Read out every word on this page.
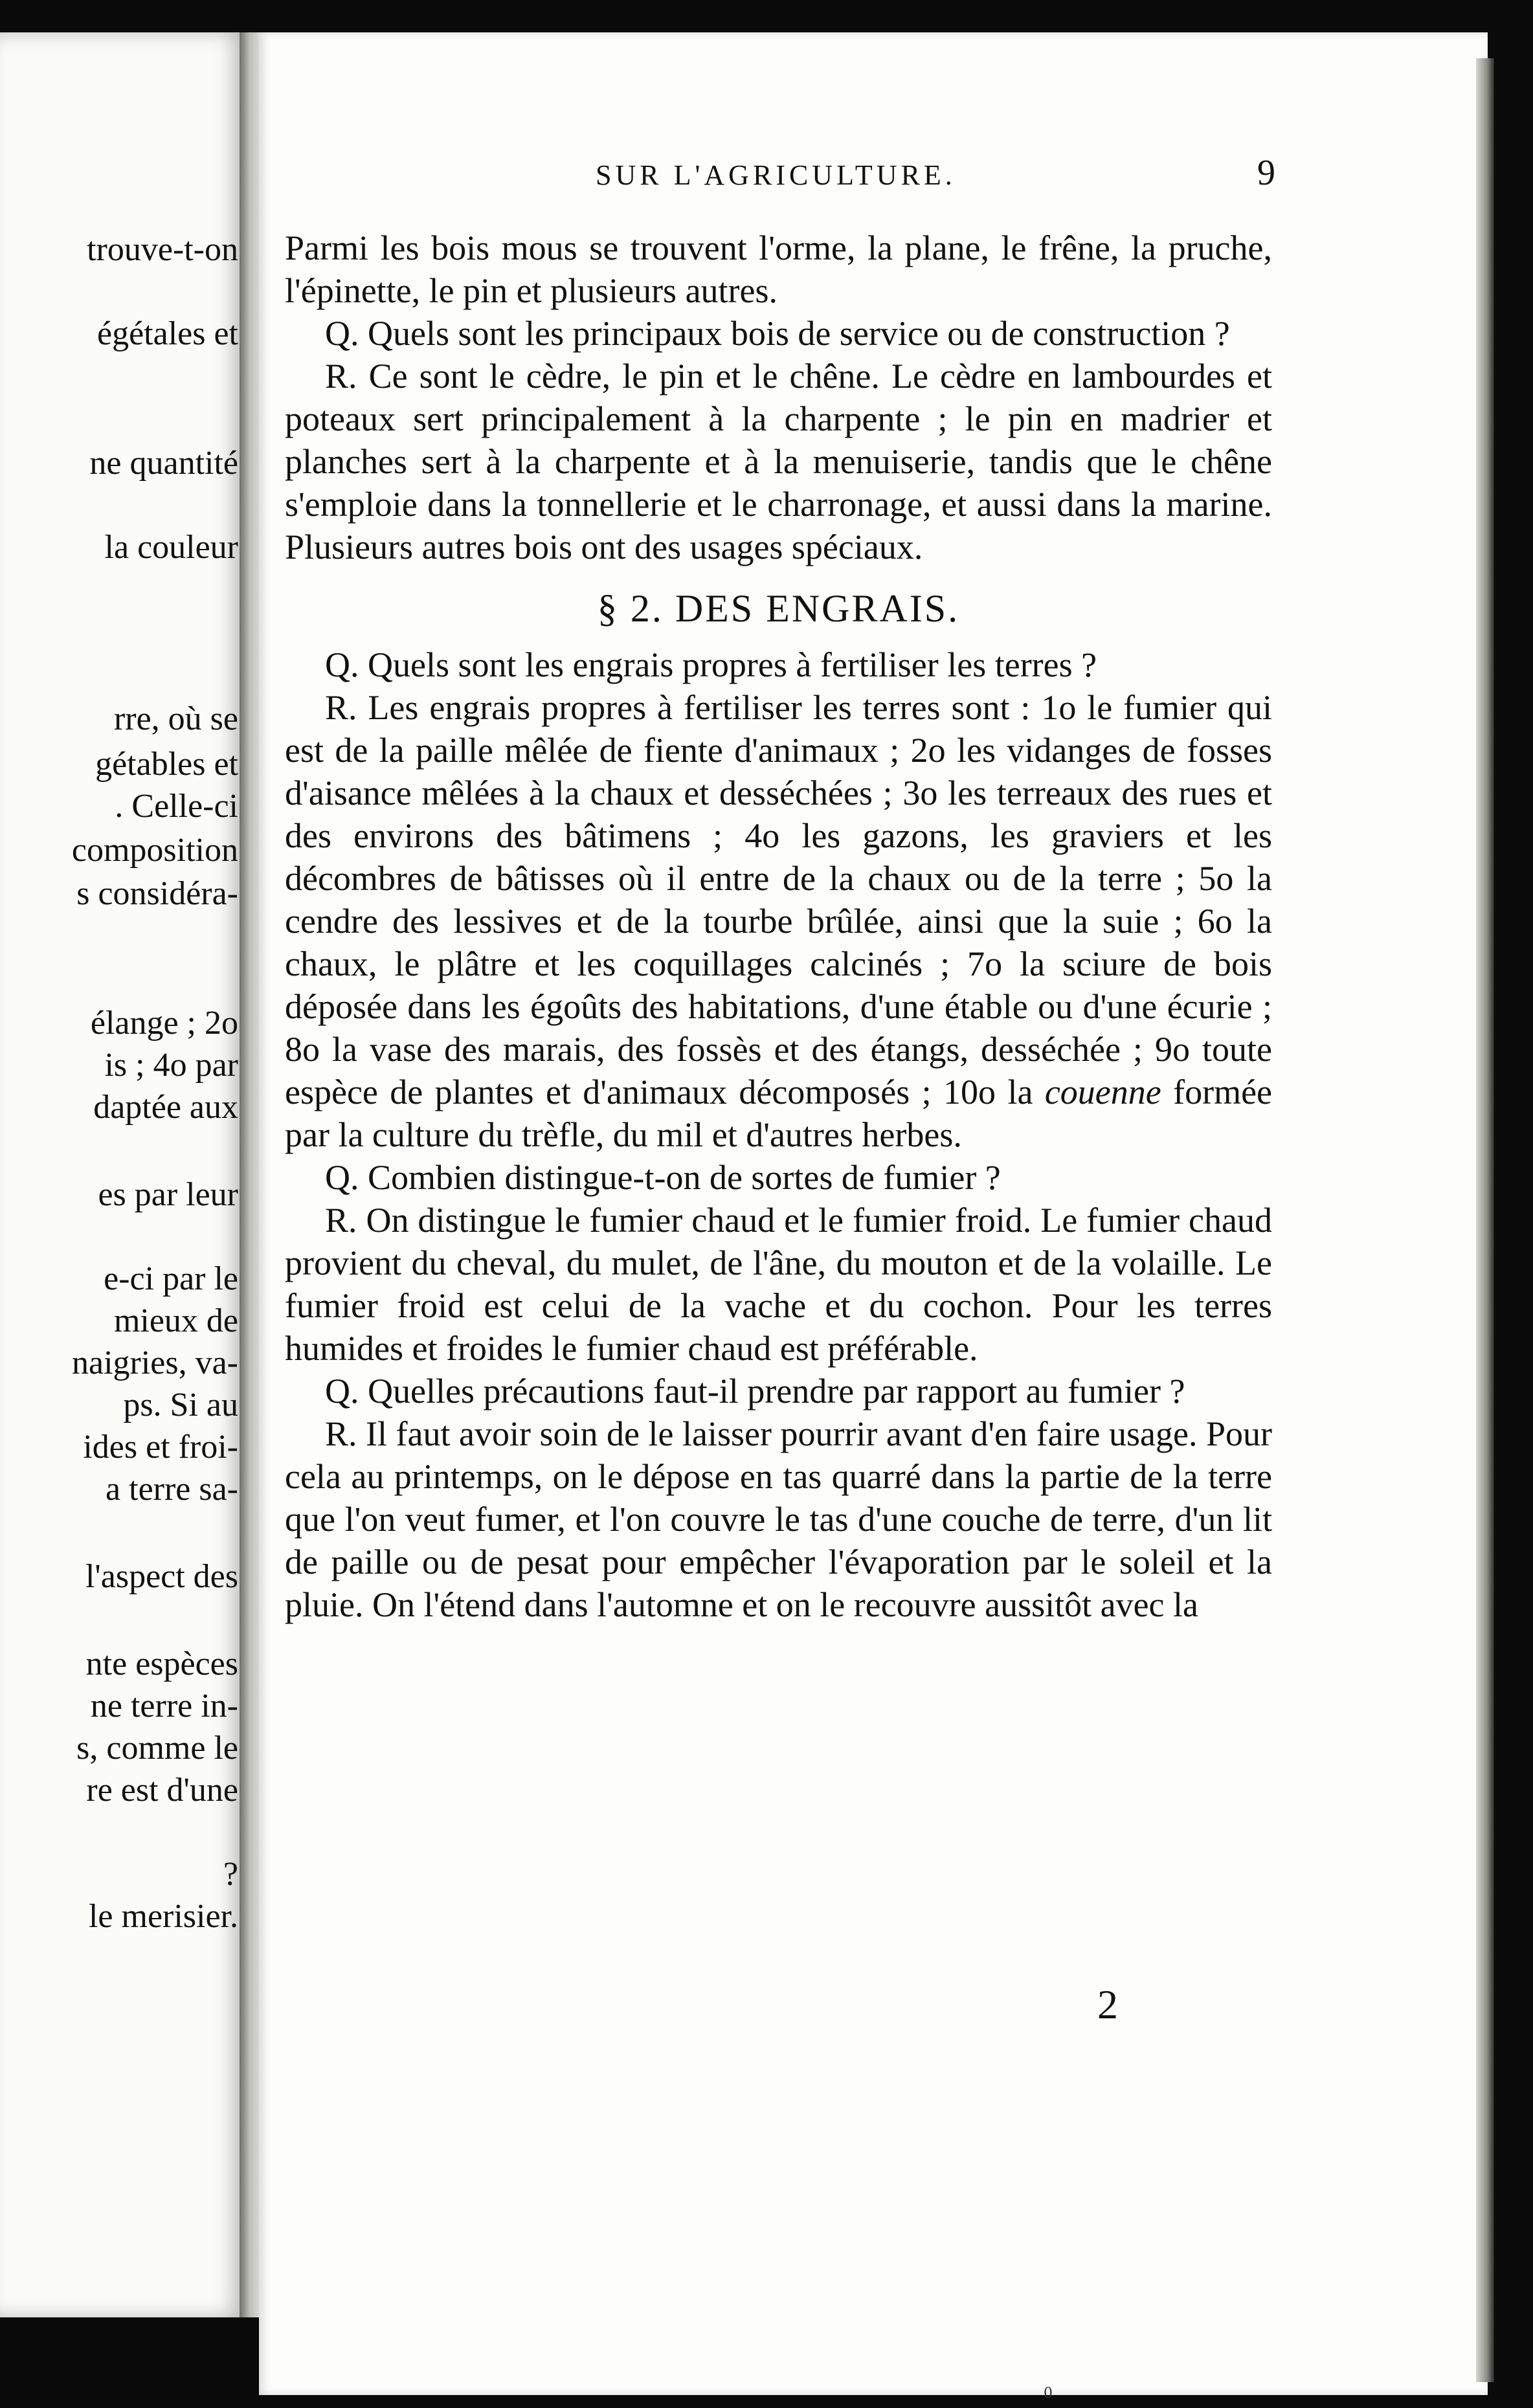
trouve-t-on
égétales et
ne quantité
la couleur
rre, où se
gétables et
. Celle-ci
composition
s considéra-
élange ; 2o
is ; 4o par
daptée aux
es par leur
e-ci par le
mieux de
naigries, va-
ps. Si au
ides et froi-
a terre sa-
l'aspect des
nte espèces
ne terre in-
s, comme le
re est d'une
?
le merisier.
SUR L'AGRICULTURE.	9

Parmi les bois mous se trouvent l'orme, la plane, le frêne, la pruche, l'épinette, le pin et plusieurs autres.

Q. Quels sont les principaux bois de service ou de construction ?

R. Ce sont le cèdre, le pin et le chêne. Le cèdre en lambourdes et poteaux sert principalement à la charpente ; le pin en madrier et planches sert à la charpente et à la menuiserie, tandis que le chêne s'emploie dans la tonnellerie et le charronage, et aussi dans la marine. Plusieurs autres bois ont des usages spéciaux.

§ 2. DES ENGRAIS.

Q. Quels sont les engrais propres à fertiliser les terres ?

R. Les engrais propres à fertiliser les terres sont : 1o le fumier qui est de la paille mêlée de fiente d'animaux ; 2o les vidanges de fosses d'aisance mêlées à la chaux et desséchées ; 3o les terreaux des rues et des environs des bâtimens ; 4o les gazons, les graviers et les décombres de bâtisses où il entre de la chaux ou de la terre ; 5o la cendre des lessives et de la tourbe brûlée, ainsi que la suie ; 6o la chaux, le plâtre et les coquillages calcinés ; 7o la sciure de bois déposée dans les égoûts des habitations, d'une étable ou d'une écurie ; 8o la vase des marais, des fossès et des étangs, desséchée ; 9o toute espèce de plantes et d'animaux décomposés ; 10o la couenne formée par la culture du trèfle, du mil et d'autres herbes.

Q. Combien distingue-t-on de sortes de fumier ?

R. On distingue le fumier chaud et le fumier froid. Le fumier chaud provient du cheval, du mulet, de l'âne, du mouton et de la volaille. Le fumier froid est celui de la vache et du cochon. Pour les terres humides et froides le fumier chaud est préférable.

Q. Quelles précautions faut-il prendre par rapport au fumier ?

R. Il faut avoir soin de le laisser pourrir avant d'en faire usage. Pour cela au printemps, on le dépose en tas quarré dans la partie de la terre que l'on veut fumer, et l'on couvre le tas d'une couche de terre, d'un lit de paille ou de pesat pour empêcher l'évaporation par le soleil et la pluie. On l'étend dans l'automne et on le recouvre aussitôt avec la

2
0
